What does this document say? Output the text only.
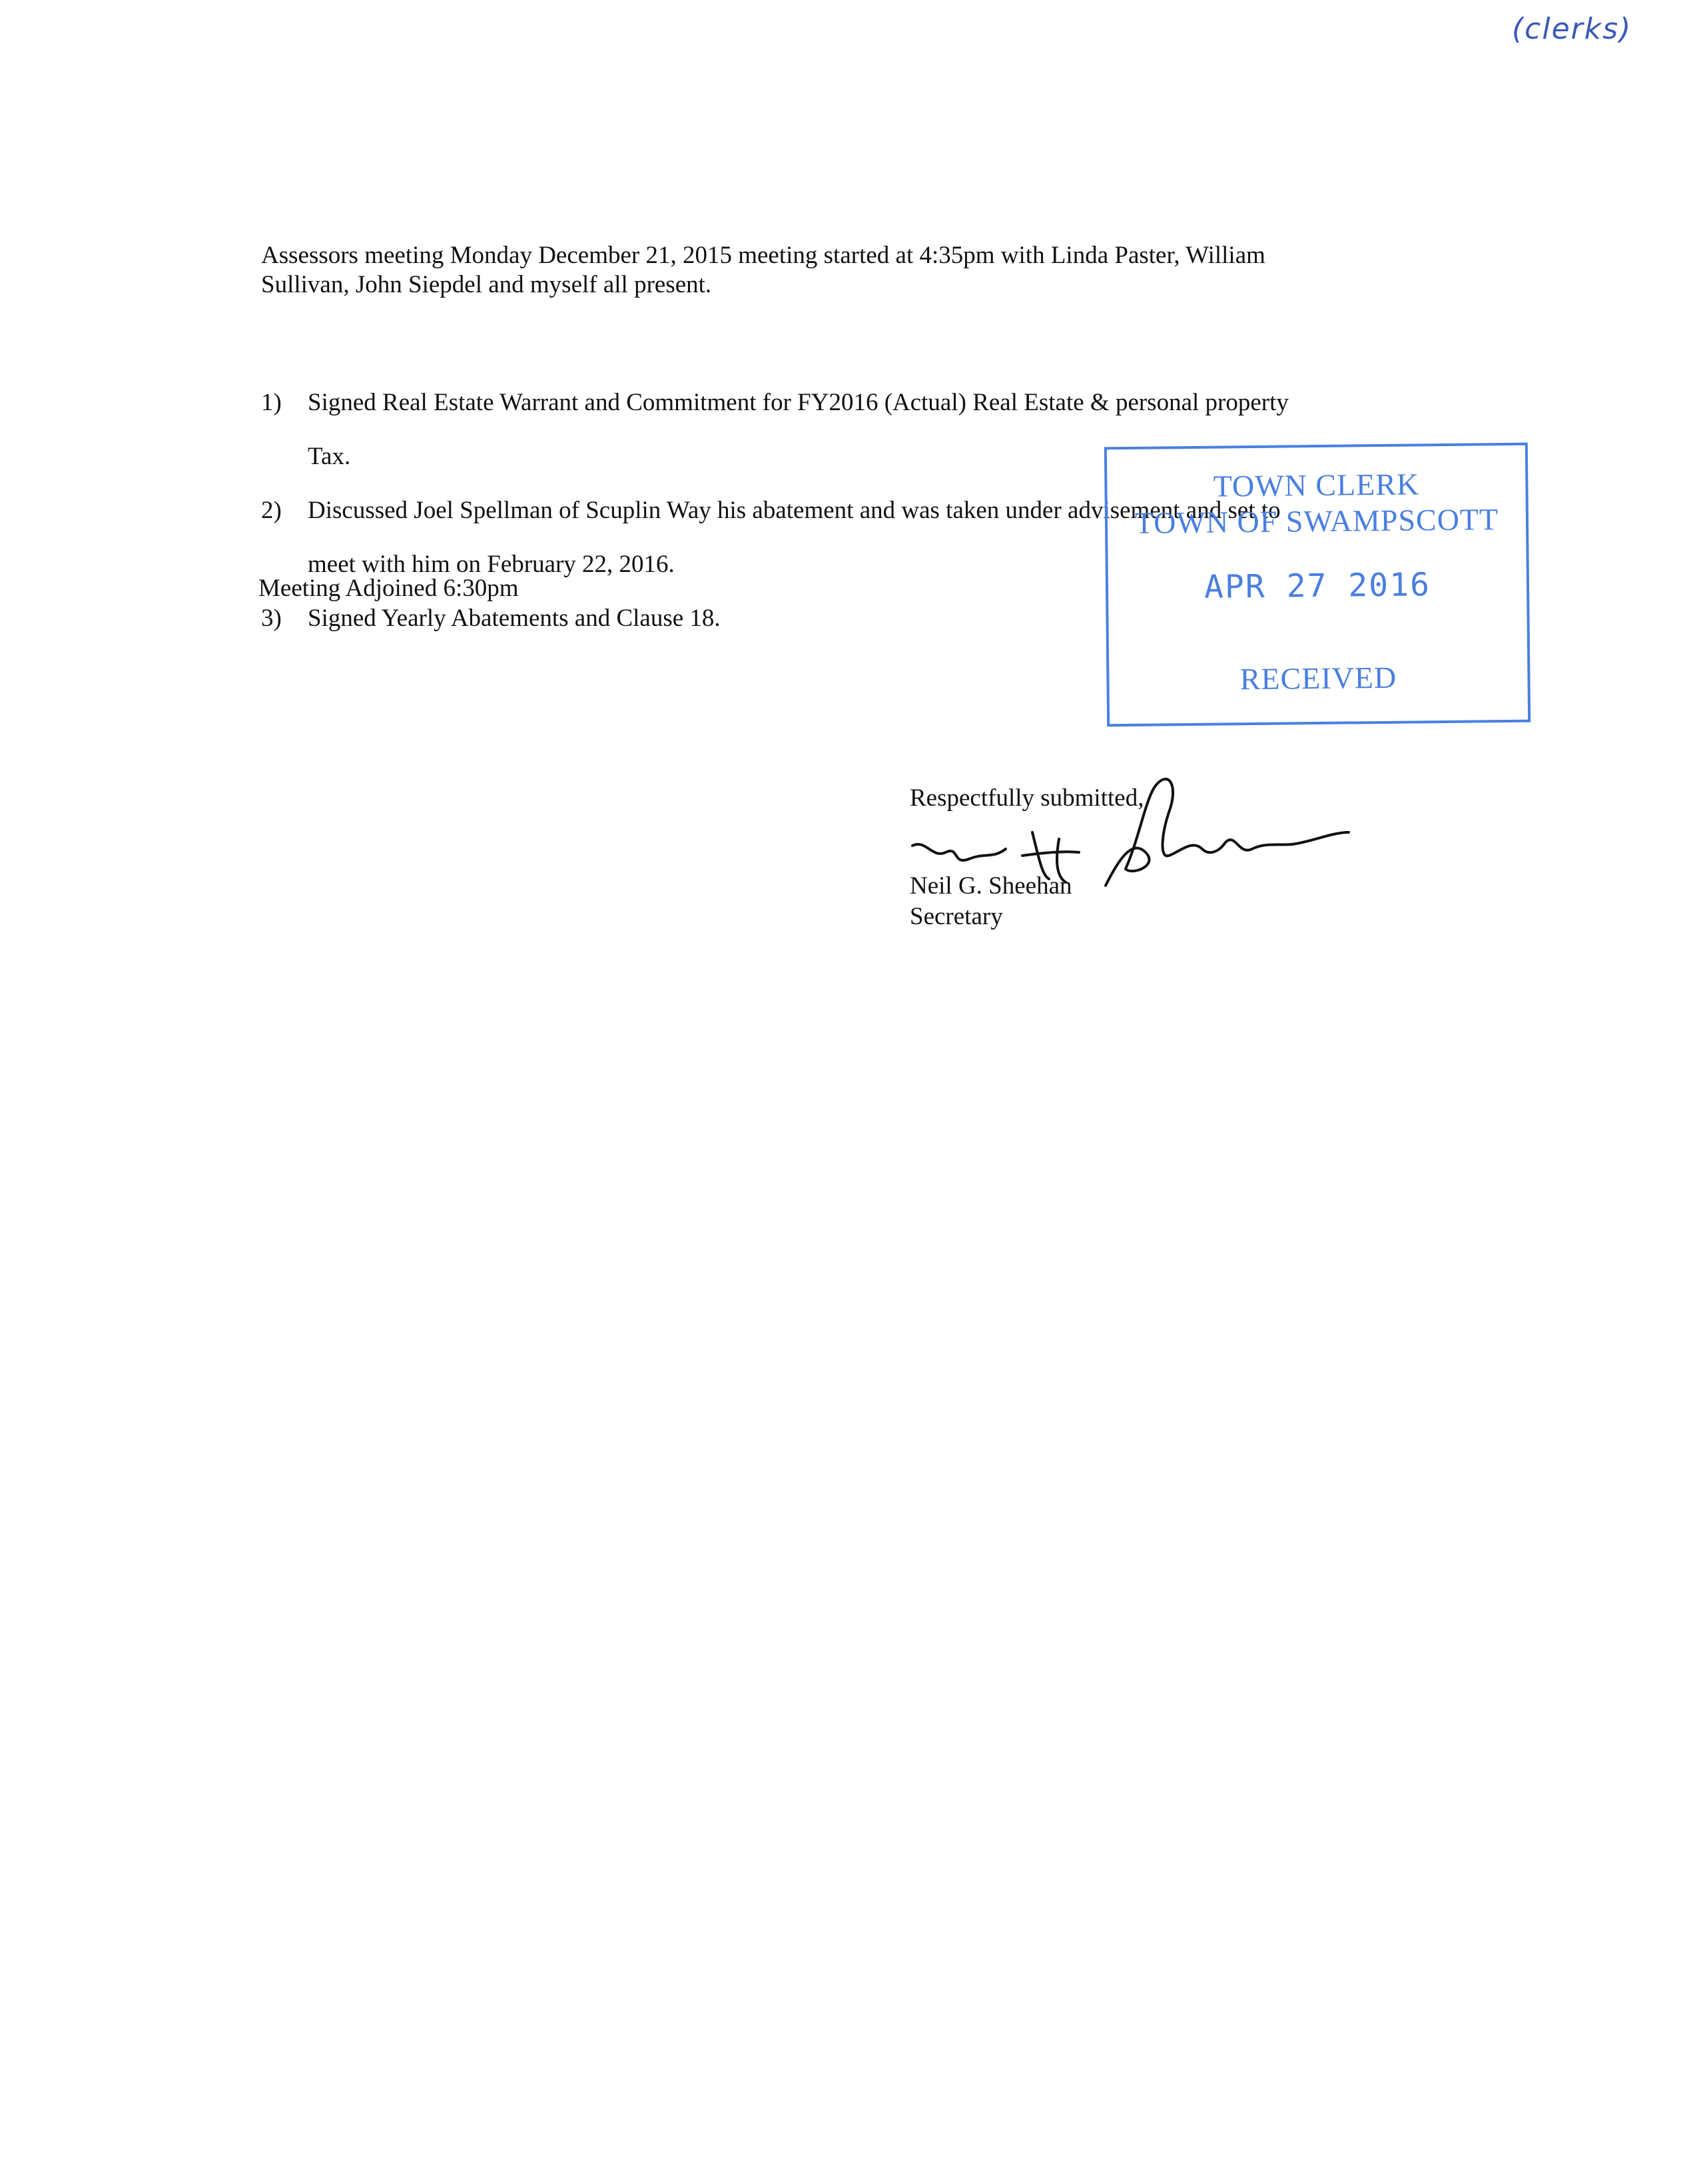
(clerks)

Assessors meeting Monday December 21, 2015 meeting started at 4:35pm with Linda Paster, William

Sullivan, John Siepdel and myself all present.

1) Signed Real Estate Warrant and Commitment for FY2016 (Actual) Real Estate & personal property

Tax.

2) Discussed Joel Spellman of Scuplin Way his abatement and was taken under advisement and set to

meet with him on February 22, 2016.

3) Signed Yearly Abatements and Clause 18.

Meeting Adjoined 6:30pm
TOWN CLERK
TOWN OF SWAMPSCOTT
APR 27 2016
RECEIVED

Respectfully submitted,

Neil G. Sheehan

Secretary
